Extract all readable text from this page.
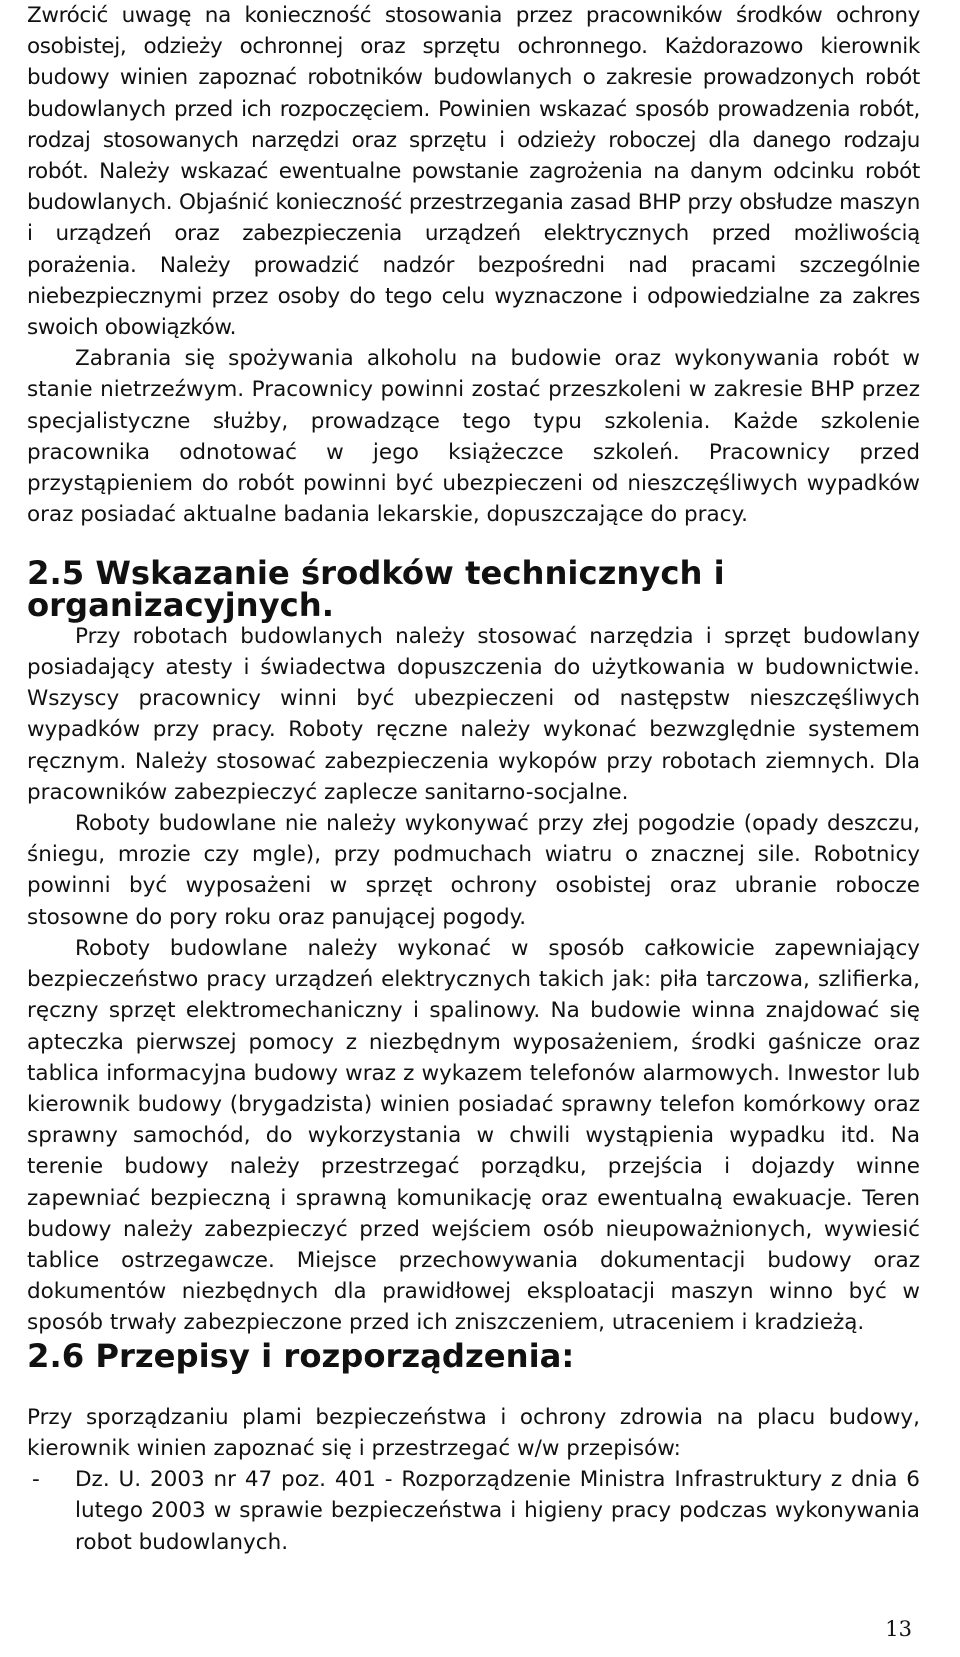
Zwrócić uwagę na konieczność stosowania przez pracowników środków ochrony osobistej, odzieży ochronnej oraz sprzętu ochronnego. Każdorazowo kierownik budowy winien zapoznać robotników budowlanych o zakresie prowadzonych robót budowlanych przed ich rozpoczęciem. Powinien wskazać sposób prowadzenia robót, rodzaj stosowanych narzędzi oraz sprzętu i odzieży roboczej dla danego rodzaju robót. Należy wskazać ewentualne powstanie zagrożenia na danym odcinku robót budowlanych. Objaśnić konieczność przestrzegania zasad BHP przy obsłudze maszyn i urządzeń oraz zabezpieczenia urządzeń elektrycznych przed możliwością porażenia. Należy prowadzić nadzór bezpośredni nad pracami szczególnie niebezpiecznymi przez osoby do tego celu wyznaczone i odpowiedzialne za zakres swoich obowiązków.

Zabrania się spożywania alkoholu na budowie oraz wykonywania robót w stanie nietrzeźwym. Pracownicy powinni zostać przeszkoleni w zakresie BHP przez specjalistyczne służby, prowadzące tego typu szkolenia. Każde szkolenie pracownika odnotować w jego książeczce szkoleń. Pracownicy przed przystąpieniem do robót powinni być ubezpieczeni od nieszczęśliwych wypadków oraz posiadać aktualne badania lekarskie, dopuszczające do pracy.

2.5 Wskazanie środków technicznych i organizacyjnych.

Przy robotach budowlanych należy stosować narzędzia i sprzęt budowlany posiadający atesty i świadectwa dopuszczenia do użytkowania w budownictwie. Wszyscy pracownicy winni być ubezpieczeni od następstw nieszczęśliwych wypadków przy pracy. Roboty ręczne należy wykonać bezwzględnie systemem ręcznym. Należy stosować zabezpieczenia wykopów przy robotach ziemnych. Dla pracowników zabezpieczyć zaplecze sanitarno-socjalne.

Roboty budowlane nie należy wykonywać przy złej pogodzie (opady deszczu, śniegu, mrozie czy mgle), przy podmuchach wiatru o znacznej sile. Robotnicy powinni być wyposażeni w sprzęt ochrony osobistej oraz ubranie robocze stosowne do pory roku oraz panującej pogody.

Roboty budowlane należy wykonać w sposób całkowicie zapewniający bezpieczeństwo pracy urządzeń elektrycznych takich jak: piła tarczowa, szlifierka, ręczny sprzęt elektromechaniczny i spalinowy. Na budowie winna znajdować się apteczka pierwszej pomocy z niezbędnym wyposażeniem, środki gaśnicze oraz tablica informacyjna budowy wraz z wykazem telefonów alarmowych. Inwestor lub kierownik budowy (brygadzista) winien posiadać sprawny telefon komórkowy oraz sprawny samochód, do wykorzystania w chwili wystąpienia wypadku itd. Na terenie budowy należy przestrzegać porządku, przejścia i dojazdy winne zapewniać bezpieczną i sprawną komunikację oraz ewentualną ewakuacje. Teren budowy należy zabezpieczyć przed wejściem osób nieupoważnionych, wywiesić tablice ostrzegawcze. Miejsce przechowywania dokumentacji budowy oraz dokumentów niezbędnych dla prawidłowej eksploatacji maszyn winno być w sposób trwały zabezpieczone przed ich zniszczeniem, utraceniem i kradzieżą.

2.6 Przepisy i rozporządzenia:

Przy sporządzaniu plami bezpieczeństwa i ochrony zdrowia na placu budowy, kierownik winien zapoznać się i przestrzegać w/w przepisów:

-	Dz. U. 2003 nr 47 poz. 401 - Rozporządzenie Ministra Infrastruktury z dnia 6 lutego 2003 w sprawie bezpieczeństwa i higieny pracy podczas wykonywania robot budowlanych.
13
